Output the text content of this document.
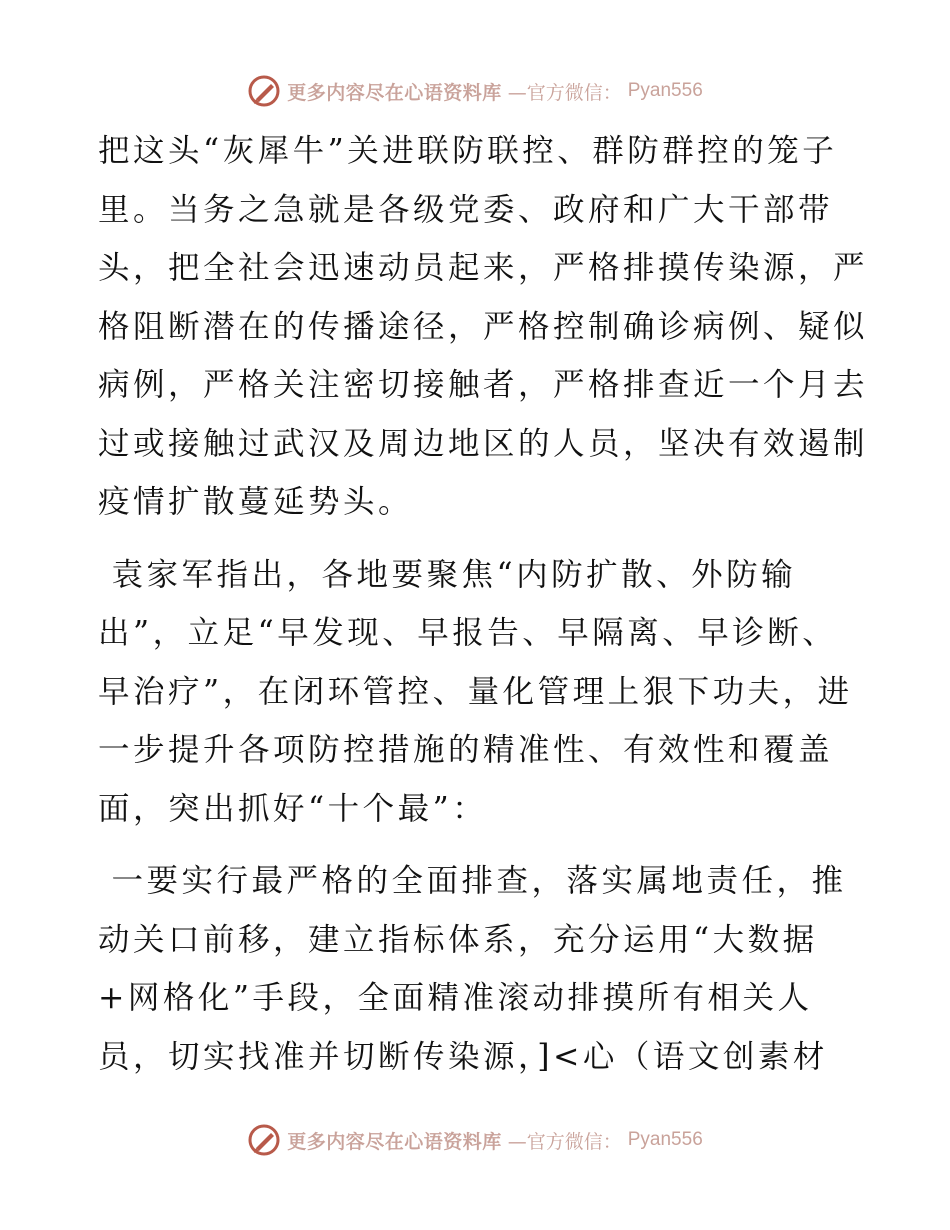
更多内容尽在心语资料库 —官方微信： Pyan556

把这头“灰犀牛”关进联防联控、群防群控的笼子
里。当务之急就是各级党委、政府和广大干部带
头，把全社会迅速动员起来，严格排摸传染源，严
格阻断潜在的传播途径，严格控制确诊病例、疑似
病例，严格关注密切接触者，严格排查近一个月去
过或接触过武汉及周边地区的人员，坚决有效遏制
疫情扩散蔓延势头。

袁家军指出，各地要聚焦“内防扩散、外防输
出”，立足“早发现、早报告、早隔离、早诊断、
早治疗”，在闭环管控、量化管理上狠下功夫，进
一步提升各项防控措施的精准性、有效性和覆盖
面，突出抓好“十个最”：

一要实行最严格的全面排查，落实属地责任，推
动关口前移，建立指标体系，充分运用“大数据
+网格化”手段，全面精准滚动排摸所有相关人
员，切实找准并切断传染源，]<心（语文创素材

更多内容尽在心语资料库 —官方微信： Pyan556
